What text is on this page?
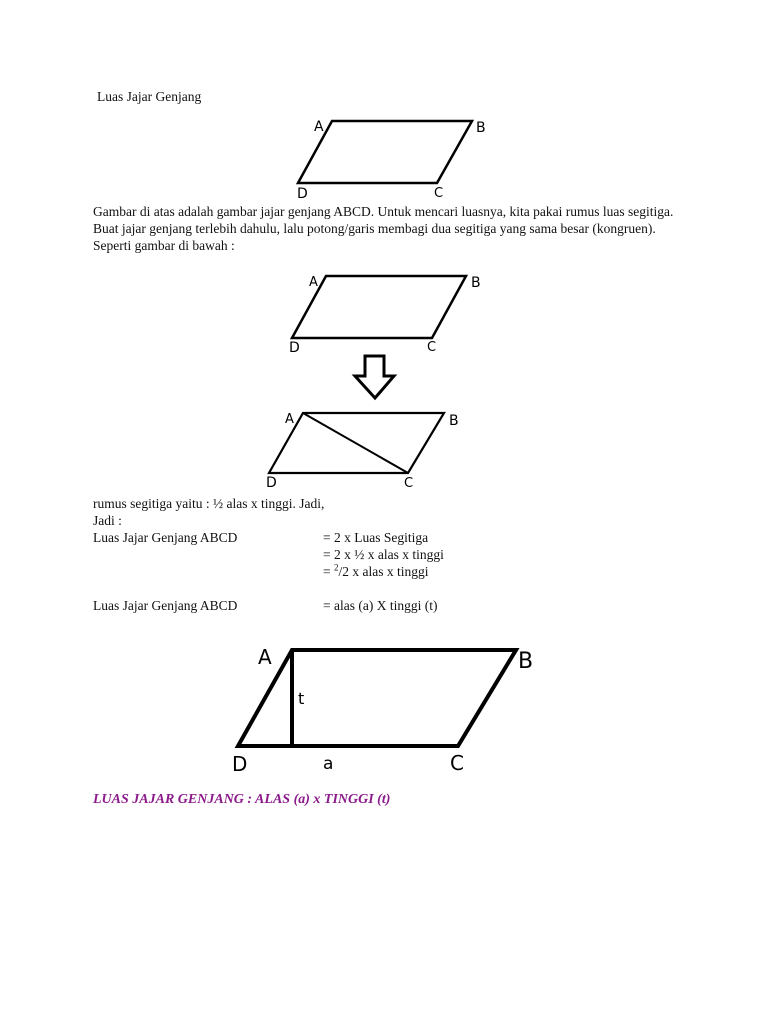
Luas Jajar Genjang
A	B
D	C
Gambar di atas adalah gambar jajar genjang ABCD. Untuk mencari luasnya, kita pakai rumus luas segitiga. Buat jajar genjang terlebih dahulu, lalu potong/garis membagi dua segitiga yang sama besar (kongruen). Seperti gambar di bawah :
A	B
D	C
A	B
D	C
rumus segitiga yaitu : ½ alas x tinggi. Jadi,
Jadi :
Luas Jajar Genjang ABCD	= 2 x Luas Segitiga
= 2 x ½ x alas x tinggi
= $^2$/2 x alas x tinggi
Luas Jajar Genjang ABCD	= alas (a) X tinggi (t)
A	B
D	C
t
a
LUAS JAJAR GENJANG : ALAS (a) x TINGGI (t)
